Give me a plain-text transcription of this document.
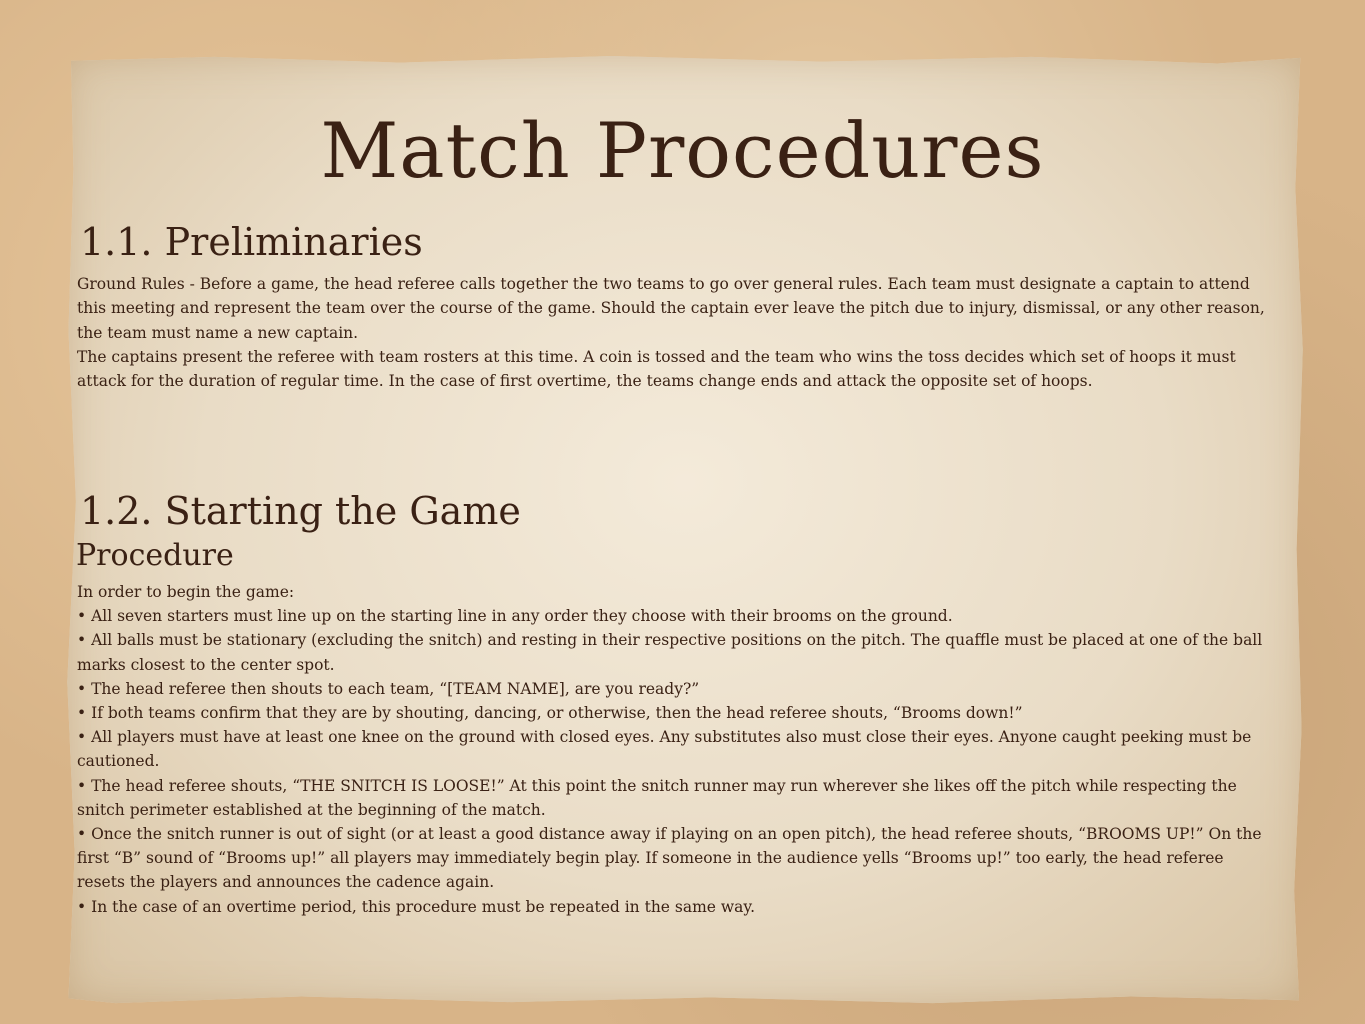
Match Procedures
1.1. Preliminaries

Ground Rules - Before a game, the head referee calls together the two teams to go over general rules. Each team must designate a captain to attend this meeting and represent the team over the course of the game. Should the captain ever leave the pitch due to injury, dismissal, or any other reason, the team must name a new captain.

The captains present the referee with team rosters at this time. A coin is tossed and the team who wins the toss decides which set of hoops it must attack for the duration of regular time. In the case of first overtime, the teams change ends and attack the opposite set of hoops.

1.2. Starting the Game
Procedure

In order to begin the game:

• All seven starters must line up on the starting line in any order they choose with their brooms on the ground.

• All balls must be stationary (excluding the snitch) and resting in their respective positions on the pitch. The quaffle must be placed at one of the ball marks closest to the center spot.

• The head referee then shouts to each team, “[TEAM NAME], are you ready?”

• If both teams confirm that they are by shouting, dancing, or otherwise, then the head referee shouts, “Brooms down!”

• All players must have at least one knee on the ground with closed eyes. Any substitutes also must close their eyes. Anyone caught peeking must be cautioned.

• The head referee shouts, “THE SNITCH IS LOOSE!” At this point the snitch runner may run wherever she likes off the pitch while respecting the snitch perimeter established at the beginning of the match.

• Once the snitch runner is out of sight (or at least a good distance away if playing on an open pitch), the head referee shouts, “BROOMS UP!” On the first “B” sound of “Brooms up!” all players may immediately begin play. If someone in the audience yells “Brooms up!” too early, the head referee resets the players and announces the cadence again.

• In the case of an overtime period, this procedure must be repeated in the same way.
